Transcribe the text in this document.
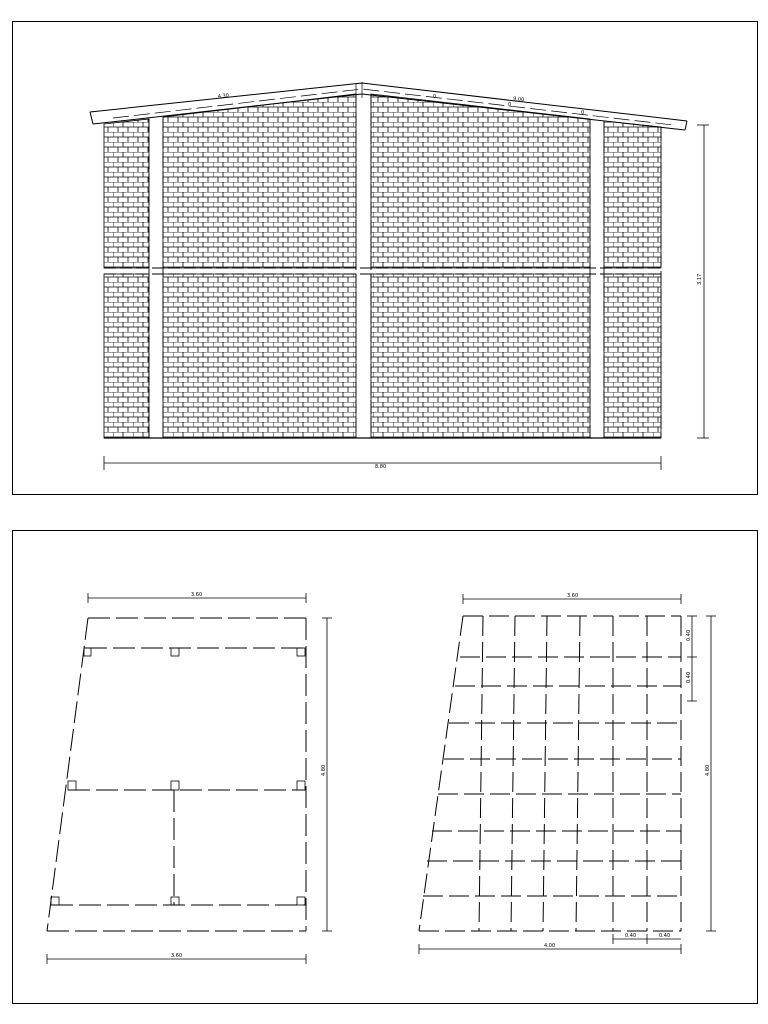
4.30	9.00
0
0
0
8.80
3.17
3.60
4.80
3.60
3.60
4.80
0.40
0.40
4.00
0.40	0.40
